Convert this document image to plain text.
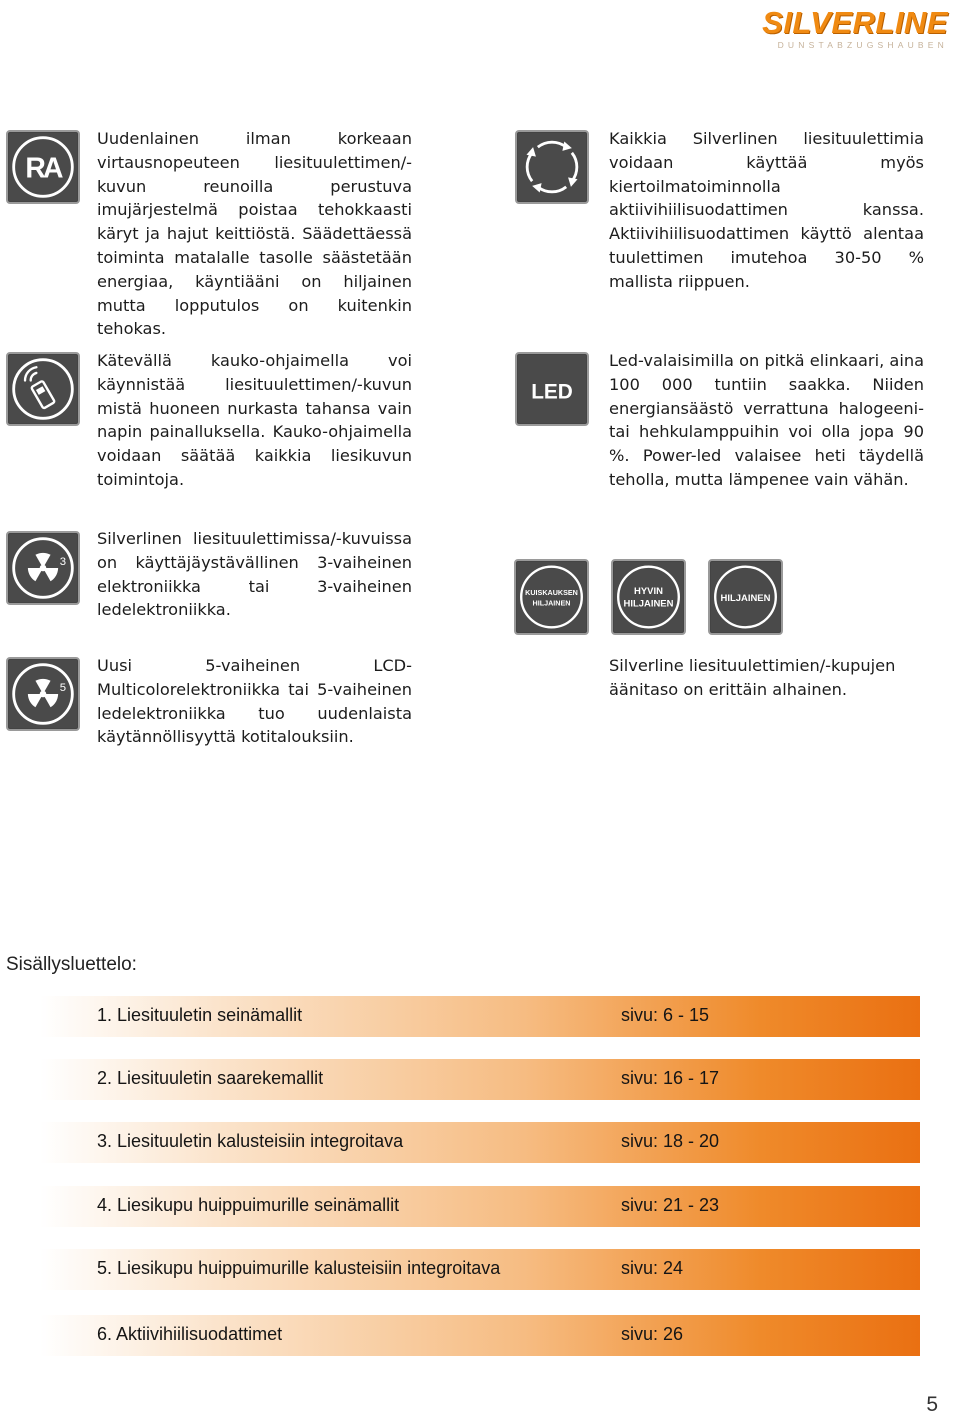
SILVERLINE
DUNSTABZUGSHAUBEN
RA
Uudenlainen ilman korkeaan virtausnopeuteen liesituulettimen/-kuvun reunoilla perustuva imujärjestelmä poistaa tehokkaasti käryt ja hajut keittiöstä. Säädettäessä toiminta matalalle tasolle säästetään energiaa, käyntiääni on hiljainen mutta lopputulos on kuitenkin tehokas.
Kaikkia Silverlinen liesituulettimia voidaan käyttää myös kiertoilmatoiminnolla aktiivihiilisuodattimen kanssa. Aktiivihiilisuodattimen käyttö alentaa tuulettimen imutehoa 30-50 % mallista riippuen.
Kätevällä kauko-ohjaimella voi käynnistää liesituulettimen/-kuvun mistä huoneen nurkasta tahansa vain napin painalluksella. Kauko-ohjaimella voidaan säätää kaikkia liesikuvun toimintoja.
LED
Led-valaisimilla on pitkä elinkaari, aina 100 000 tuntiin saakka. Niiden energiansäästö verrattuna halogeeni- tai hehkulamppuihin voi olla jopa 90 %. Power-led valaisee heti täydellä teholla, mutta lämpenee vain vähän.
3
Silverlinen liesituulettimissa/-kuvuissa on käyttäjäystävällinen 3-vaiheinen elektroniikka tai 3-vaiheinen ledelektroniikka.
KUISKAUKSEN
HILJAINEN
HYVIN
HILJAINEN
HILJAINEN
5
Uusi 5-vaiheinen LCD-Multicolorelektroniikka tai 5-vaiheinen ledelektroniikka tuo uudenlaista käytännöllisyyttä kotitalouksiin.
Silverline liesituulettimien/-kupujen äänitaso on erittäin alhainen.
Sisällysluettelo:
1. Liesituuletin seinämallit	sivu: 6 - 15
2. Liesituuletin saarekemallit	sivu: 16 - 17
3. Liesituuletin kalusteisiin integroitava	sivu: 18 - 20
4. Liesikupu huippuimurille seinämallit	sivu: 21 - 23
5. Liesikupu huippuimurille kalusteisiin integroitava	sivu: 24
6. Aktiivihiilisuodattimet	sivu: 26
5
